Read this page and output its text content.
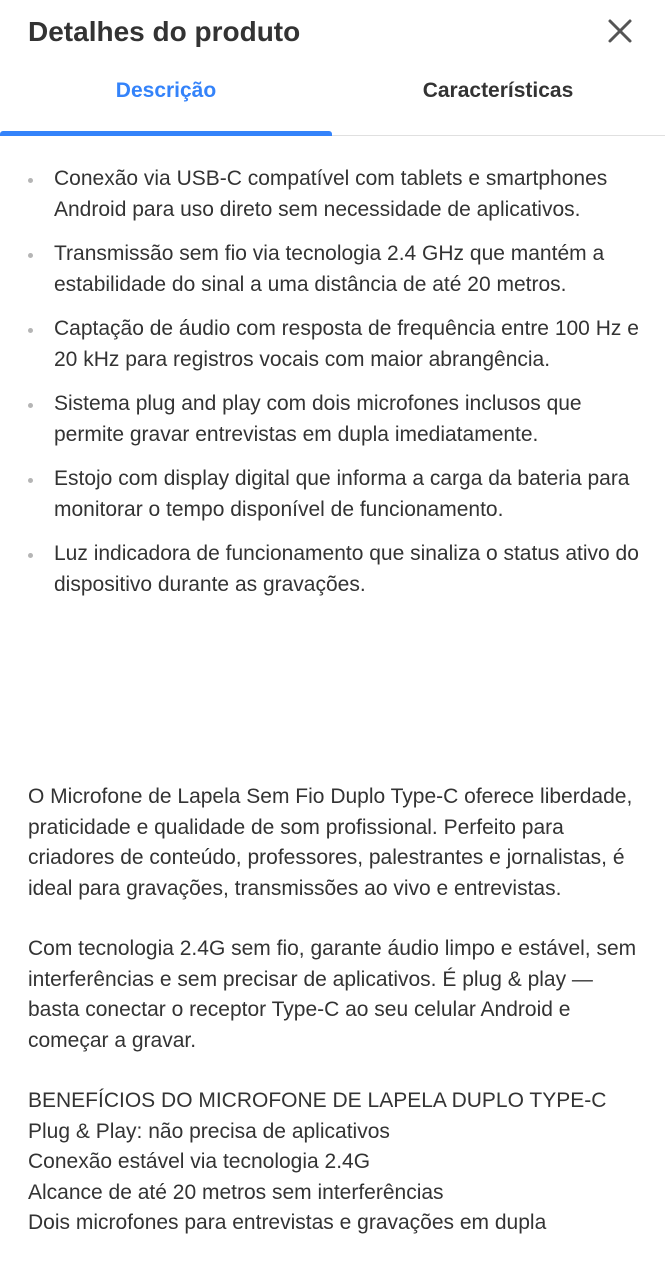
Detalhes do produto
Descrição	Características
Conexão via USB-C compatível com tablets e smartphones Android para uso direto sem necessidade de aplicativos.
Transmissão sem fio via tecnologia 2.4 GHz que mantém a estabilidade do sinal a uma distância de até 20 metros.
Captação de áudio com resposta de frequência entre 100 Hz e 20 kHz para registros vocais com maior abrangência.
Sistema plug and play com dois microfones inclusos que permite gravar entrevistas em dupla imediatamente.
Estojo com display digital que informa a carga da bateria para monitorar o tempo disponível de funcionamento.
Luz indicadora de funcionamento que sinaliza o status ativo do dispositivo durante as gravações.

O Microfone de Lapela Sem Fio Duplo Type-C oferece liberdade, praticidade e qualidade de som profissional. Perfeito para criadores de conteúdo, professores, palestrantes e jornalistas, é ideal para gravações, transmissões ao vivo e entrevistas.

Com tecnologia 2.4G sem fio, garante áudio limpo e estável, sem interferências e sem precisar de aplicativos. É plug & play — basta conectar o receptor Type-C ao seu celular Android e começar a gravar.

BENEFÍCIOS DO MICROFONE DE LAPELA DUPLO TYPE-C

Plug & Play: não precisa de aplicativos

Conexão estável via tecnologia 2.4G

Alcance de até 20 metros sem interferências

Dois microfones para entrevistas e gravações em dupla
